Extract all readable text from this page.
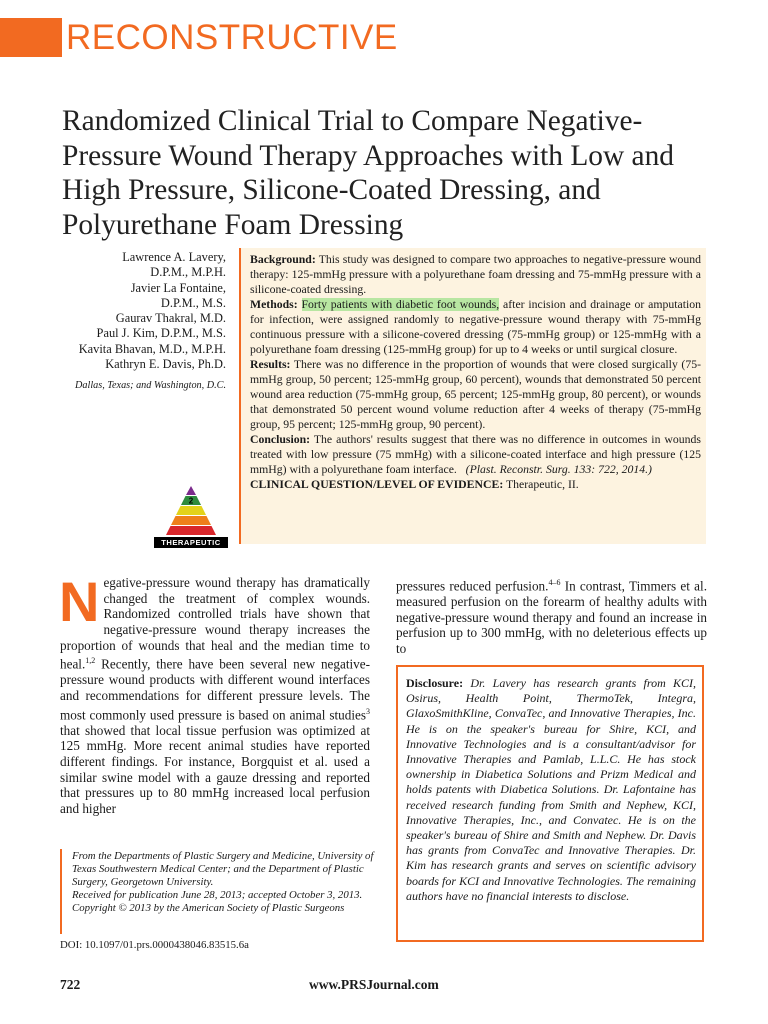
RECONSTRUCTIVE
Randomized Clinical Trial to Compare Negative-Pressure Wound Therapy Approaches with Low and High Pressure, Silicone-Coated Dressing, and Polyurethane Foam Dressing
Lawrence A. Lavery,
D.P.M., M.P.H.
Javier La Fontaine,
D.P.M., M.S.
Gaurav Thakral, M.D.
Paul J. Kim, D.P.M., M.S.
Kavita Bhavan, M.D., M.P.H.
Kathryn E. Davis, Ph.D.
Dallas, Texas; and Washington, D.C.
2
THERAPEUTIC

Background: This study was designed to compare two approaches to negative-pressure wound therapy: 125-mmHg pressure with a polyurethane foam dressing and 75-mmHg pressure with a silicone-coated dressing.

Methods: Forty patients with diabetic foot wounds, after incision and drainage or amputation for infection, were assigned randomly to negative-pressure wound therapy with 75-mmHg continuous pressure with a silicone-covered dressing (75-mmHg group) or 125-mmHg with a polyurethane foam dressing (125-mmHg group) for up to 4 weeks or until surgical closure.

Results: There was no difference in the proportion of wounds that were closed surgically (75-mmHg group, 50 percent; 125-mmHg group, 60 percent), wounds that demonstrated 50 percent wound area reduction (75-mmHg group, 65 percent; 125-mmHg group, 80 percent), or wounds that demonstrated 50 percent wound volume reduction after 4 weeks of therapy (75-mmHg group, 95 percent; 125-mmHg group, 90 percent).

Conclusion: The authors' results suggest that there was no difference in outcomes in wounds treated with low pressure (75 mmHg) with a silicone-coated interface and high pressure (125 mmHg) with a polyurethane foam interface. (Plast. Reconstr. Surg. 133: 722, 2014.)

CLINICAL QUESTION/LEVEL OF EVIDENCE: Therapeutic, II.

Negative-pressure wound therapy has dramatically changed the treatment of complex wounds. Randomized controlled trials have shown that negative-pressure wound therapy increases the proportion of wounds that heal and the median time to heal.$^{1,2}$ Recently, there have been several new negative-pressure wound products with different wound interfaces and recommendations for different pressure levels. The most commonly used pressure is based on animal studies$^3$ that showed that local tissue perfusion was optimized at 125 mmHg. More recent animal studies have reported different findings. For instance, Borgquist et al. used a similar swine model with a gauze dressing and reported that pressures up to 80 mmHg increased local perfusion and higher

pressures reduced perfusion.$^{4-6}$ In contrast, Timmers et al. measured perfusion on the forearm of healthy adults with negative-pressure wound therapy and found an increase in perfusion up to 300 mmHg, with no deleterious effects up to

Disclosure: Dr. Lavery has research grants from KCI, Osirus, Health Point, ThermoTek, Integra, GlaxoSmithKline, ConvaTec, and Innovative Therapies, Inc. He is on the speaker's bureau for Shire, KCI, and Innovative Technologies and is a consultant/advisor for Innovative Therapies and Pamlab, L.L.C. He has stock ownership in Diabetica Solutions and Prizm Medical and holds patents with Diabetica Solutions. Dr. Lafontaine has received research funding from Smith and Nephew, KCI, Innovative Therapies, Inc., and Convatec. He is on the speaker's bureau of Shire and Smith and Nephew. Dr. Davis has grants from ConvaTec and Innovative Therapies. Dr. Kim has research grants and serves on scientific advisory boards for KCI and Innovative Technologies. The remaining authors have no financial interests to disclose.
From the Departments of Plastic Surgery and Medicine, University of Texas Southwestern Medical Center; and the Department of Plastic Surgery, Georgetown University.
Received for publication June 28, 2013; accepted October 3, 2013.
Copyright © 2013 by the American Society of Plastic Surgeons
DOI: 10.1097/01.prs.0000438046.83515.6a
722	www.PRSJournal.com
